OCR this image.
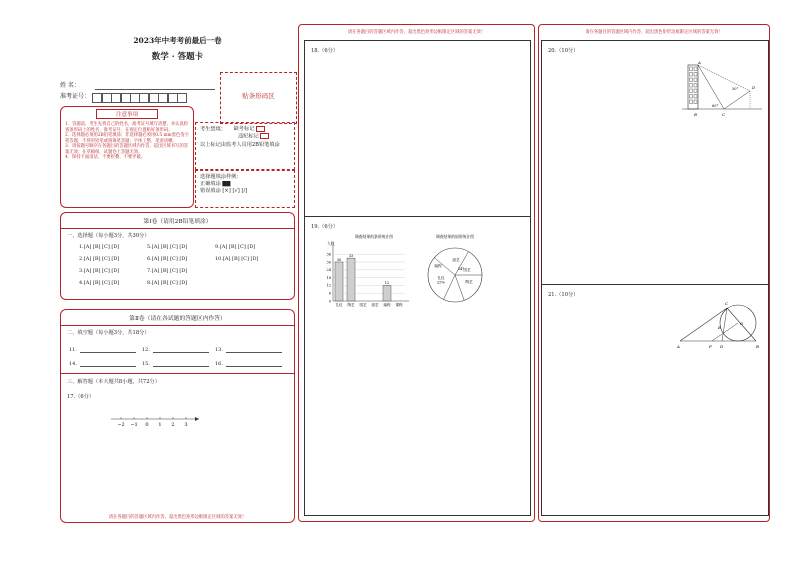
2023年中考考前最后一卷
数学 · 答题卡
姓 名：
准考证号：	贴条形码区
注意事项
1．答题前，考生先将自己的姓名，准考证号填写清楚，并认真检查条形码上的姓名、准考证号，在规定位置贴好条形码。
2．选择题必须用2B铅笔填涂；非选择题必须用0.5 mm黑色签字笔答题，不得用铅笔或圆珠笔答题；字体工整、笔迹清晰。
3．请按题号顺序在各题目的答题区域内作答，超出区域书写的答案无效；在草稿纸、试题卷上答题无效。
4．保持卡面清洁，不要折叠、不要弄破。
考生禁填： 缺考标记
违纪标记
以上标记由监考人员用2B铅笔填涂
选择题填涂样例：
正确填涂 ▇▇
错误填涂 [×] [√] [/]
第Ⅰ卷（请用2B铅笔填涂）
一、选择题（每小题3分，共30分）
1.[A] [B] [C] [D]	5.[A] [B] [C] [D]	9.[A] [B] [C] [D]
2.[A] [B] [C] [D]	6.[A] [B] [C] [D]	10.[A] [B] [C] [D]
3.[A] [B] [C] [D]	7.[A] [B] [C] [D]
4.[A] [B] [C] [D]	8.[A] [B] [C] [D]
第Ⅱ卷（请在各试题的答题区内作答）
二、填空题（每小题3分，共18分）
11.	12.	13.
14.	15.	16.
三、解答题（本大题共8小题，共72分）
17.（6分）
−2 −1 0 1 2 3
请在各题目的答题区域内作答，超出黑色矩形边框限定区域的答案无效！
请在各题目的答题区域内作答，超出黑色矩形边框限定区域的答案无效！
18.（6分）
19.（6分）
调查结果的条形统计图
人数
0
6
12
18
24
30
36
礼仪
30
陶艺
33
园艺 厨艺 编程
12
课程
调查结果的扇形统计图
陶艺
礼仪
25%
编程
厨艺
园艺
54°
请在各题目的答题区域内作答，超出黑色矩形边框限定区域的答案无效！
20.（10分）
A
B	C
D
60°
30°
21.（10分）
A	F D
E
O
B
C
